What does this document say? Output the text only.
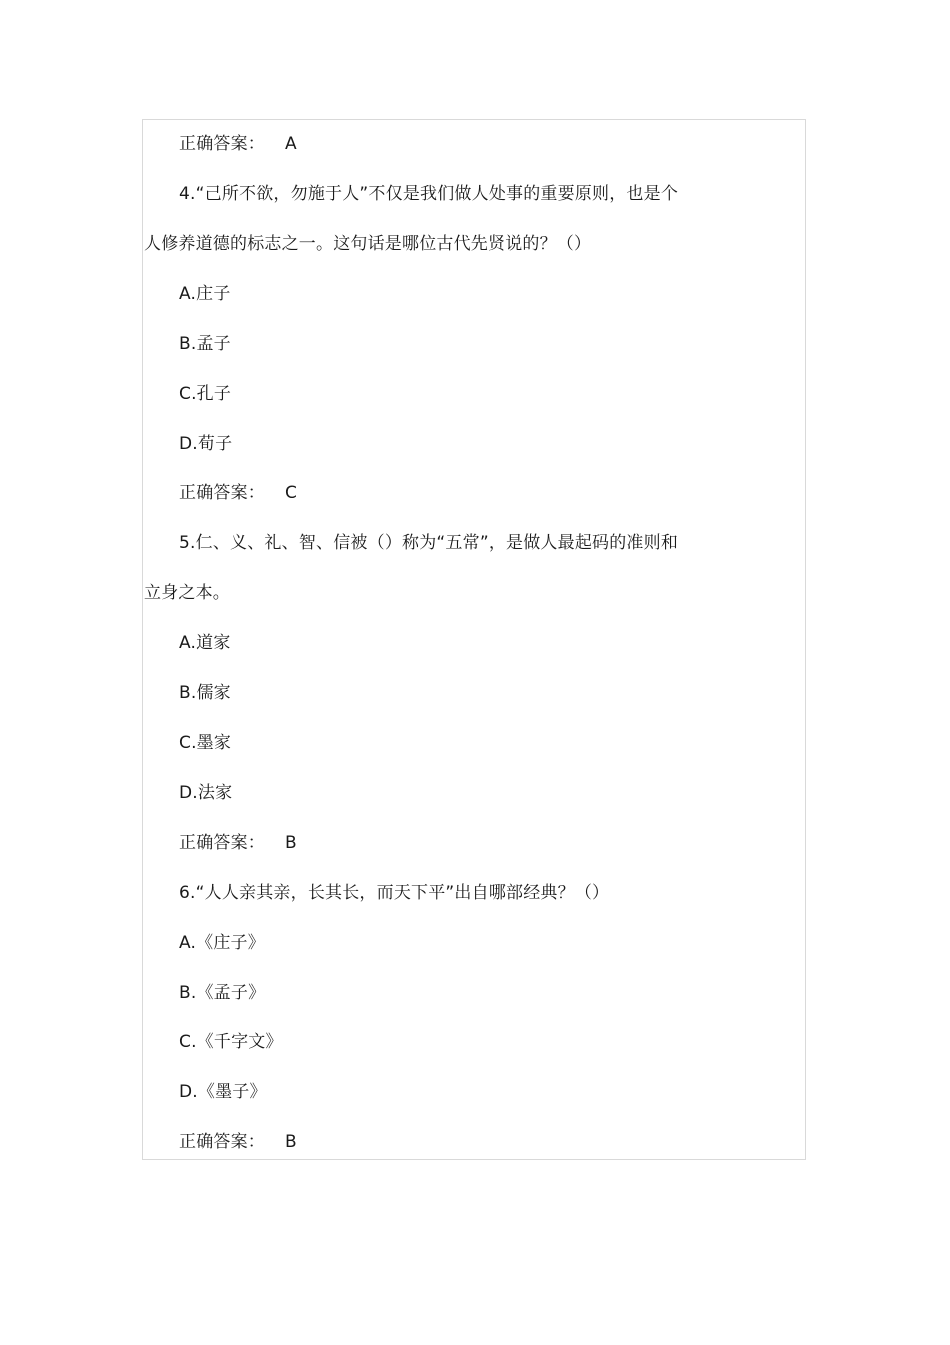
正确答案： A
4.“己所不欲，勿施于人”不仅是我们做人处事的重要原则，也是个
人修养道德的标志之一。这句话是哪位古代先贤说的？（）
A.庄子
B.孟子
C.孔子
D.荀子
正确答案： C
5.仁、义、礼、智、信被（）称为“五常”，是做人最起码的准则和
立身之本。
A.道家
B.儒家
C.墨家
D.法家
正确答案： B
6.“人人亲其亲，长其长，而天下平”出自哪部经典？（）
A.《庄子》
B.《孟子》
C.《千字文》
D.《墨子》
正确答案： B
